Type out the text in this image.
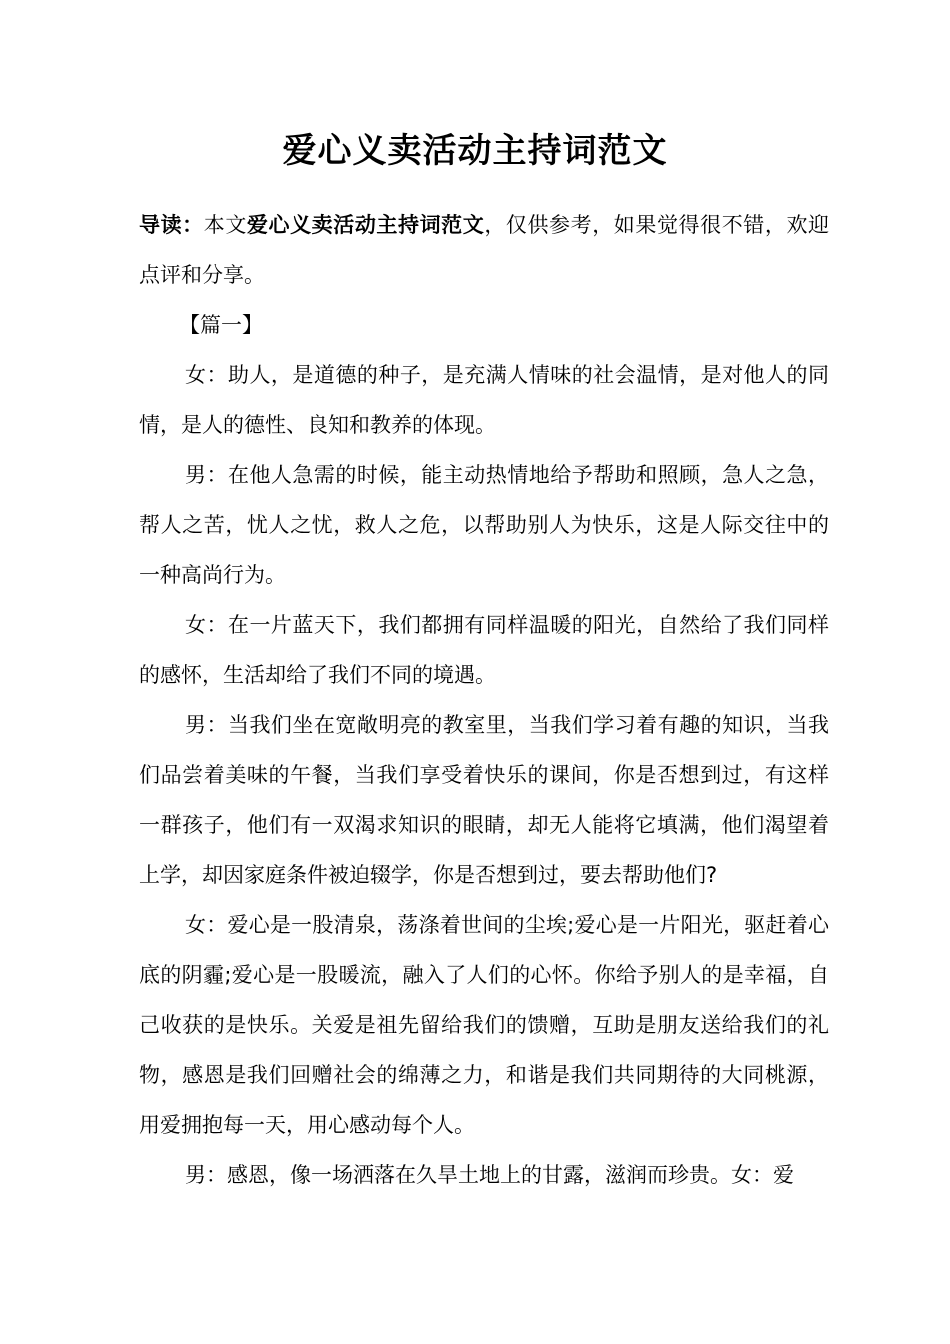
爱心义卖活动主持词范文

导读：本文爱心义卖活动主持词范文，仅供参考，如果觉得很不错，欢迎点评和分享。

【篇一】

女：助人，是道德的种子，是充满人情味的社会温情，是对他人的同情，是人的德性、良知和教养的体现。

男：在他人急需的时候，能主动热情地给予帮助和照顾，急人之急，帮人之苦，忧人之忧，救人之危，以帮助别人为快乐，这是人际交往中的一种高尚行为。

女：在一片蓝天下，我们都拥有同样温暖的阳光，自然给了我们同样的感怀，生活却给了我们不同的境遇。

男：当我们坐在宽敞明亮的教室里，当我们学习着有趣的知识，当我们品尝着美味的午餐，当我们享受着快乐的课间，你是否想到过，有这样一群孩子，他们有一双渴求知识的眼睛，却无人能将它填满，他们渴望着上学，却因家庭条件被迫辍学，你是否想到过，要去帮助他们?

女：爱心是一股清泉，荡涤着世间的尘埃;爱心是一片阳光，驱赶着心底的阴霾;爱心是一股暖流，融入了人们的心怀。你给予别人的是幸福，自己收获的是快乐。关爱是祖先留给我们的馈赠，互助是朋友送给我们的礼物，感恩是我们回赠社会的绵薄之力，和谐是我们共同期待的大同桃源，用爱拥抱每一天，用心感动每个人。

男：感恩，像一场洒落在久旱土地上的甘露，滋润而珍贵。女：爱
